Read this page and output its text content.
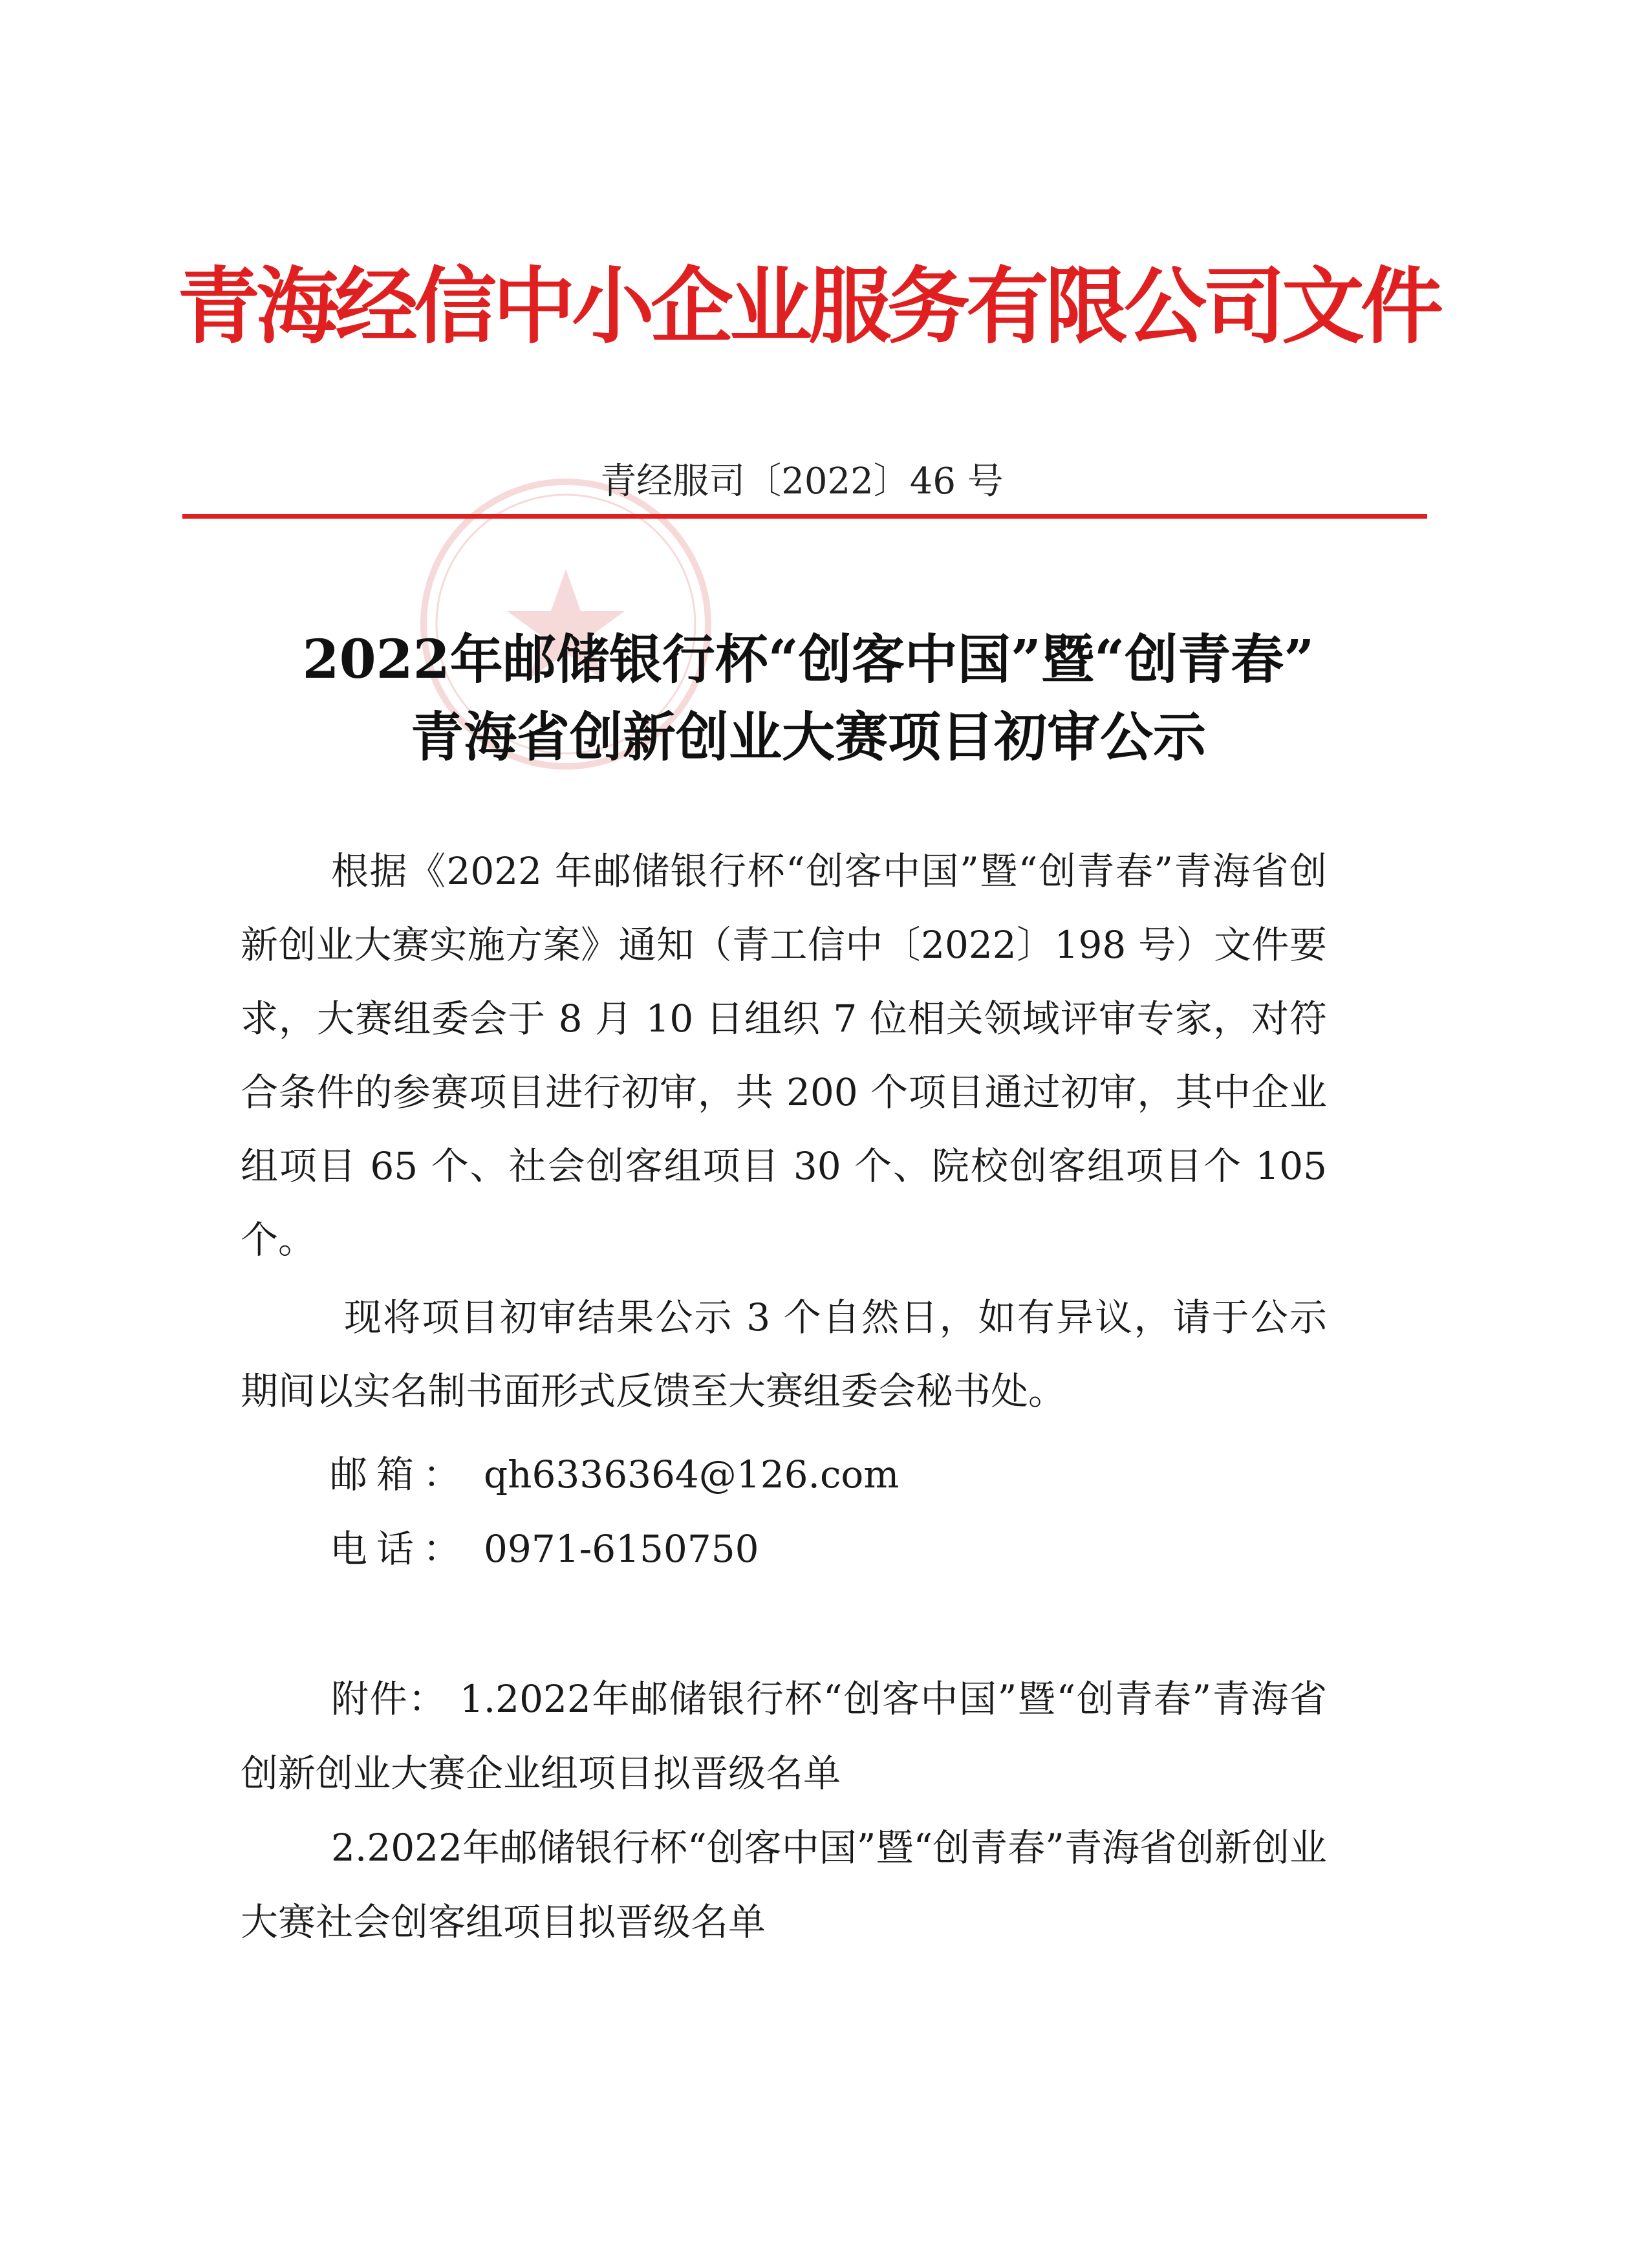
青海经信中小企业服务有限公司文件
青经服司〔2022〕46 号
2022年邮储银行杯“创客中国”暨“创青春”
青海省创新创业大赛项目初审公示
根据《2022 年邮储银行杯“创客中国”暨“创青春”青海省创新创业大赛实施方案》通知（青工信中〔2022〕198 号）文件要求，大赛组委会于 8 月 10 日组织 7 位相关领域评审专家，对符合条件的参赛项目进行初审，共 200 个项目通过初审，其中企业组项目 65 个、社会创客组项目 30 个、院校创客组项目个 105 个。
现将项目初审结果公示 3 个自然日，如有异议，请于公示期间以实名制书面形式反馈至大赛组委会秘书处。
邮箱： qh6336364@126.com
电话： 0971-6150750
附件： 1.2022年邮储银行杯“创客中国”暨“创青春”青海省创新创业大赛企业组项目拟晋级名单
2.2022年邮储银行杯“创客中国”暨“创青春”青海省创新创业大赛社会创客组项目拟晋级名单
